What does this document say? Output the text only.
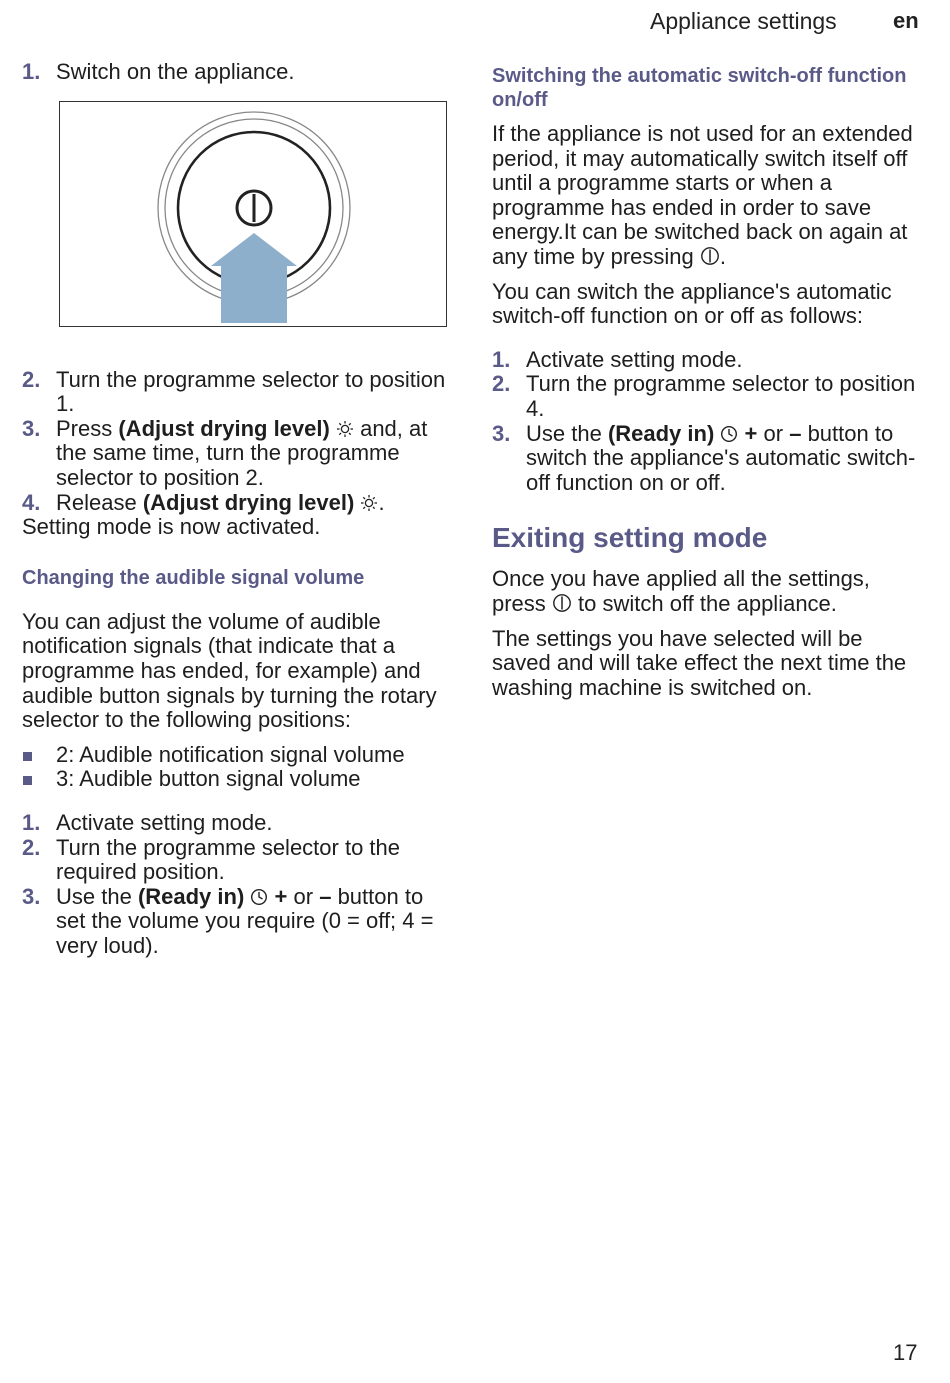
Appliance settings	en
1. Switch on the appliance.
2. Turn the programme selector to position 1.
3. Press (Adjust drying level)  and, at the same time, turn the programme selector to position 2.
4. Release (Adjust drying level) .

Setting mode is now activated.

Changing the audible signal volume

You can adjust the volume of audible notification signals (that indicate that a programme has ended, for example) and audible button signals by turning the rotary selector to the following positions:

2: Audible notification signal volume
3: Audible button signal volume
1. Activate setting mode.
2. Turn the programme selector to the required position.
3. Use the (Ready in) + or – button to set the volume you require (0 = off; 4 = very loud).
Switching the automatic switch-off function on/off

If the appliance is not used for an extended period, it may automatically switch itself off until a programme starts or when a programme has ended in order to save energy.It can be switched back on again at any time by pressing .

You can switch the appliance's automatic switch-off function on or off as follows:

1. Activate setting mode.
2. Turn the programme selector to position 4.
3. Use the (Ready in) + or – button to switch the appliance's automatic switch-off function on or off.
Exiting setting mode

Once you have applied all the settings, press  to switch off the appliance.

The settings you have selected will be saved and will take effect the next time the washing machine is switched on.

17
